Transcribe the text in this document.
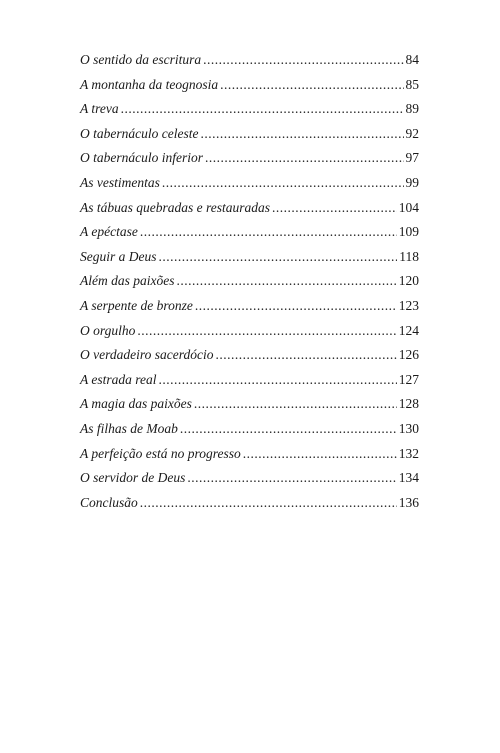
O sentido da escritura .....	84
A montanha da teognosia .....	85
A treva .....	89
O tabernáculo celeste .....	92
O tabernáculo inferior .....	97
As vestimentas .....	99
As tábuas quebradas e restauradas .....	104
A epéctase .....	109
Seguir a Deus .....	118
Além das paixões .....	120
A serpente de bronze .....	123
O orgulho .....	124
O verdadeiro sacerdócio .....	126
A estrada real .....	127
A magia das paixões .....	128
As filhas de Moab .....	130
A perfeição está no progresso .....	132
O servidor de Deus .....	134
Conclusão .....	136
